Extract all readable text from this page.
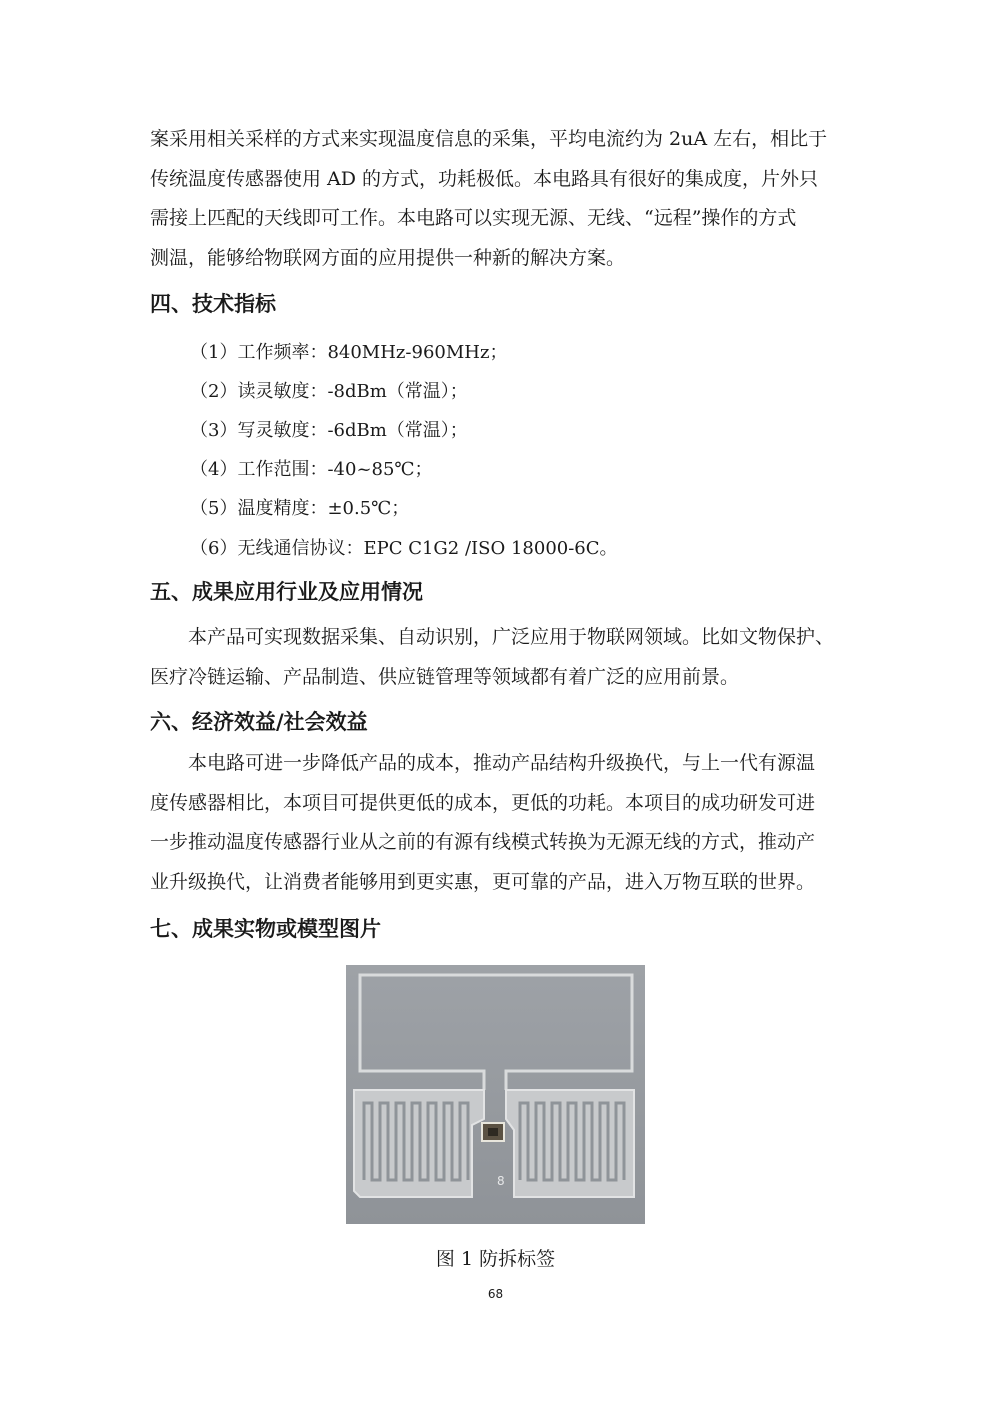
案采用相关采样的方式来实现温度信息的采集，平均电流约为 2uA 左右，相比于
传统温度传感器使用 AD 的方式，功耗极低。本电路具有很好的集成度，片外只
需接上匹配的天线即可工作。本电路可以实现无源、无线、“远程”操作的方式
测温，能够给物联网方面的应用提供一种新的解决方案。

四、技术指标

（1）工作频率：840MHz-960MHz；

（2）读灵敏度：-8dBm（常温）；

（3）写灵敏度：-6dBm（常温）；

（4）工作范围：-40~85℃；

（5）温度精度：±0.5℃；

（6）无线通信协议：EPC C1G2 /ISO 18000-6C。

五、成果应用行业及应用情况

本产品可实现数据采集、自动识别，广泛应用于物联网领域。比如文物保护、
医疗冷链运输、产品制造、供应链管理等领域都有着广泛的应用前景。

六、经济效益/社会效益

本电路可进一步降低产品的成本，推动产品结构升级换代，与上一代有源温
度传感器相比，本项目可提供更低的成本，更低的功耗。本项目的成功研发可进
一步推动温度传感器行业从之前的有源有线模式转换为无源无线的方式，推动产
业升级换代，让消费者能够用到更实惠，更可靠的产品，进入万物互联的世界。

七、成果实物或模型图片
8
图 1 防拆标签
68
